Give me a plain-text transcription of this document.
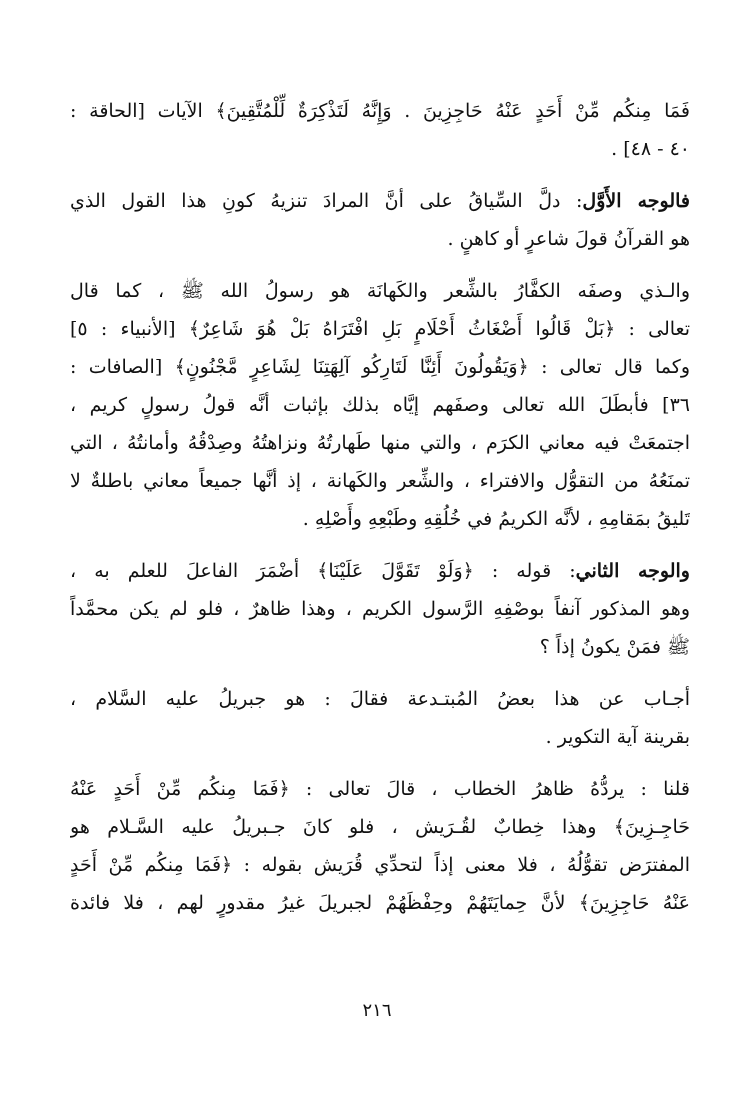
فَمَا مِنكُم مِّنْ أَحَدٍ عَنْهُ حَاجِزِينَ . وَإِنَّهُ لَتَذْكِرَةٌ لِّلْمُتَّقِينَ﴾ الآيات [الحاقة :
٤٠ - ٤٨] .
فالوجه الأَوَّل: دلَّ السِّياقُ على أنَّ المرادَ تنزيهُ كونِ هذا القول الذي
هو القرآنُ قولَ شاعرٍ أو كاهنٍ .
والـذي وصفَه الكفَّارُ بالشِّعر والكَهانَة هو رسولُ الله ﷺ ، كما قال
تعالى : ﴿بَلْ قَالُوا أَضْغَاثُ أَحْلَامٍ بَلِ افْتَرَاهُ بَلْ هُوَ شَاعِرٌ﴾ [الأنبياء : ٥]
وكما قال تعالى : ﴿وَيَقُولُونَ أَئِنَّا لَتَارِكُو آلِهَتِنَا لِشَاعِرٍ مَّجْنُونٍ﴾ [الصافات :
٣٦] فأبطَلَ الله تعالى وصفَهم إيَّاه بذلك بإثبات أنَّه قولُ رسولٍ كريم ،
اجتمعَتْ فيه معاني الكرَم ، والتي منها طَهارتُهُ ونزاهتُهُ وصِدْقُهُ وأمانتُهُ ، التي
تمنَعُهُ من التقوُّل والافتراء ، والشِّعر والكَهانة ، إذ أنَّها جميعاً معاني باطلةٌ لا
تَليقُ بمَقامِهِ ، لأنَّه الكريمُ في خُلُقِهِ وطَبْعِهِ وأَصْلِهِ .
والوجه الثاني: قوله : ﴿وَلَوْ تَقَوَّلَ عَلَيْنَا﴾ أضْمَرَ الفاعلَ للعلم به ،
وهو المذكور آنفاً بوصْفِهِ الرَّسول الكريم ، وهذا ظاهرٌ ، فلو لم يكن محمَّداً
ﷺ فمَنْ يكونُ إذاً ؟
أجـاب عن هذا بعضُ المُبتـدعة فقالَ : هو جبريلُ عليه السَّلام ،
بقرينة آية التكوير .
قلنا : يردُّهُ ظاهرُ الخطاب ، قالَ تعالى : ﴿فَمَا مِنكُم مِّنْ أَحَدٍ عَنْهُ
حَاجِـزِينَ﴾ وهذا خِطابٌ لقُـرَيش ، فلو كانَ جـبريلُ عليه السَّـلام هو
المفترَض تقوُّلُهُ ، فلا معنى إذاً لتحدِّي قُرَيش بقوله : ﴿فَمَا مِنكُم مِّنْ أَحَدٍ
عَنْهُ حَاجِزِينَ﴾ لأنَّ حِمايَتَهُمْ وحِفْظَهُمْ لجبريلَ غيرُ مقدورٍ لهم ، فلا فائدة
٢١٦
